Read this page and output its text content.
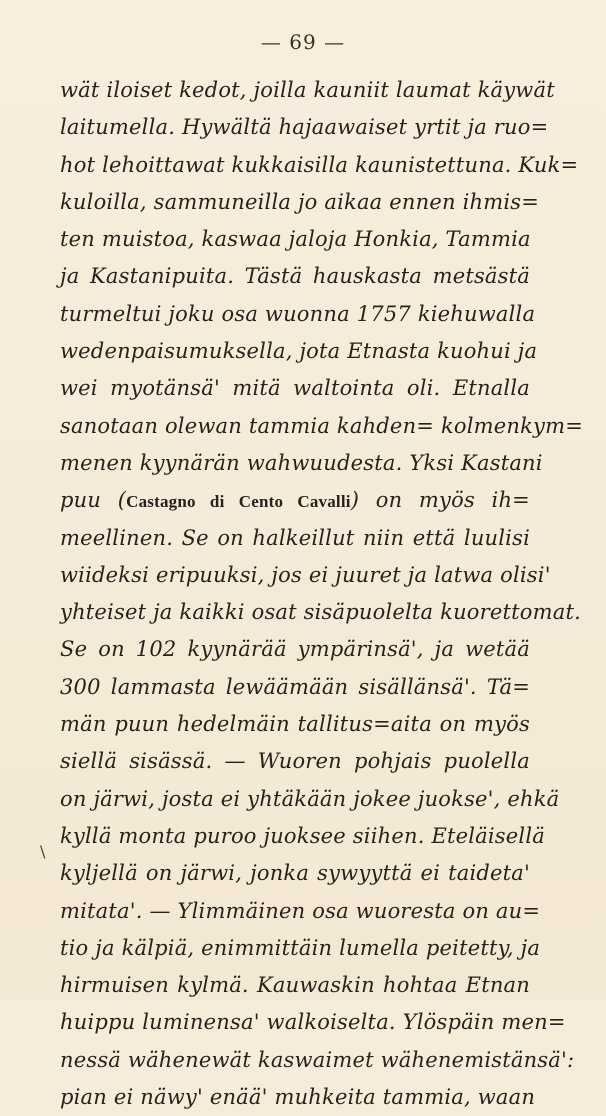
— 69 —
wät iloiset kedot, joilla kauniit laumat käywät
laitumella. Hywältä hajaawaiset yrtit ja ruo=
hot lehoittawat kukkaisilla kaunistettuna. Kuk=
kuloilla, sammuneilla jo aikaa ennen ihmis=
ten muistoa, kaswaa jaloja Honkia, Tammia
ja Kastanipuita. Tästä hauskasta metsästä
turmeltui joku osa wuonna 1757 kiehuwalla
wedenpaisumuksella, jota Etnasta kuohui ja
wei myotänsä' mitä waltointa oli. Etnalla
sanotaan olewan tammia kahden= kolmenkym=
menen kyynärän wahwuudesta. Yksi Kastani
puu (Castagno di Cento Cavalli) on myös ih=
meellinen. Se on halkeillut niin että luulisi
wiideksi eripuuksi, jos ei juuret ja latwa olisi'
yhteiset ja kaikki osat sisäpuolelta kuorettomat.
Se on 102 kyynärää ympärinsä', ja wetää
300 lammasta lewäämään sisällänsä'. Tä=
män puun hedelmäin tallitus=aita on myös
siellä sisässä. — Wuoren pohjais puolella
on järwi, josta ei yhtäkään jokee juokse', ehkä
kyllä monta puroo juoksee siihen. Eteläisellä
kyljellä on järwi, jonka sywyyttä ei taideta'
mitata'. — Ylimmäinen osa wuoresta on au=
tio ja kälpiä, enimmittäin lumella peitetty, ja
hirmuisen kylmä. Kauwaskin hohtaa Etnan
huippu luminensa' walkoiselta. Ylöspäin men=
nessä wähenewät kaswaimet wähenemistänsä':
pian ei näwy' enää' muhkeita tammia, waan
\
